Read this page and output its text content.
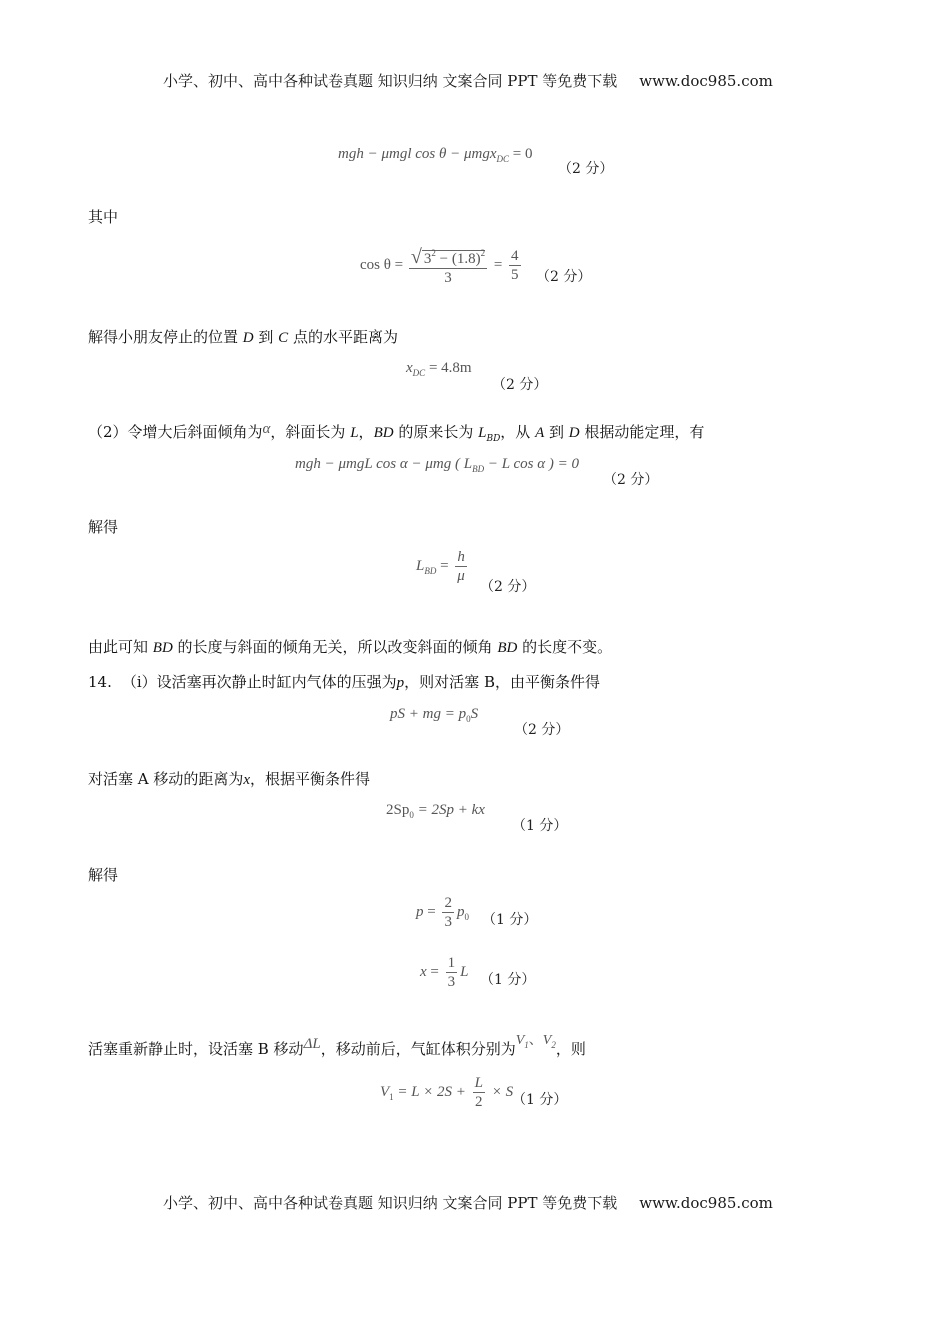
小学、初中、高中各种试卷真题 知识归纳 文案合同 PPT 等免费下载 www.doc985.com
mgh − μmgl cos θ − μmgx$_{DC}$ = 0
（2 分）
其中
$\cos \theta = \frac{√ 3^2 - (1.8)^2}{3} = \frac{4}{5} (2$ 分）
解得小朋友停止的位置 D 到 C 点的水平距离为
$x_{DC} = 4.8m$
（2 分）
（2）令增大后斜面倾角为α，斜面长为 L，BD 的原来长为 $L_{BD}$，从 A 到 D 根据动能定理，有
mgh − μmgL cos α − μmg ( $L_{BD} - L$ cos α ) = 0
（2 分）
解得
$L_{BD} = \frac{h}{\mu}$
（2 分）
由此可知 BD 的长度与斜面的倾角无关，所以改变斜面的倾角 BD 的长度不变。
14. （ⅰ）设活塞再次静止时缸内气体的压强为p，则对活塞 B，由平衡条件得
pS + mg = $p_0S$
（2 分）
对活塞 A 移动的距离为x，根据平衡条件得
$2Sp_0 = 2Sp$ + kx
（1 分）
解得
$p = \frac{2}{3} p_0$ （1 分）
$x = \frac{1}{3}$ L （1 分）
活塞重新静止时，设活塞 B 移动ΔL，移动前后，气缸体积分别为$V_1$、$V_2$，则
$V_1 = L \times 2S + \frac{L}{2} \times S$
（1 分）
小学、初中、高中各种试卷真题 知识归纳 文案合同 PPT 等免费下载 www.doc985.com
